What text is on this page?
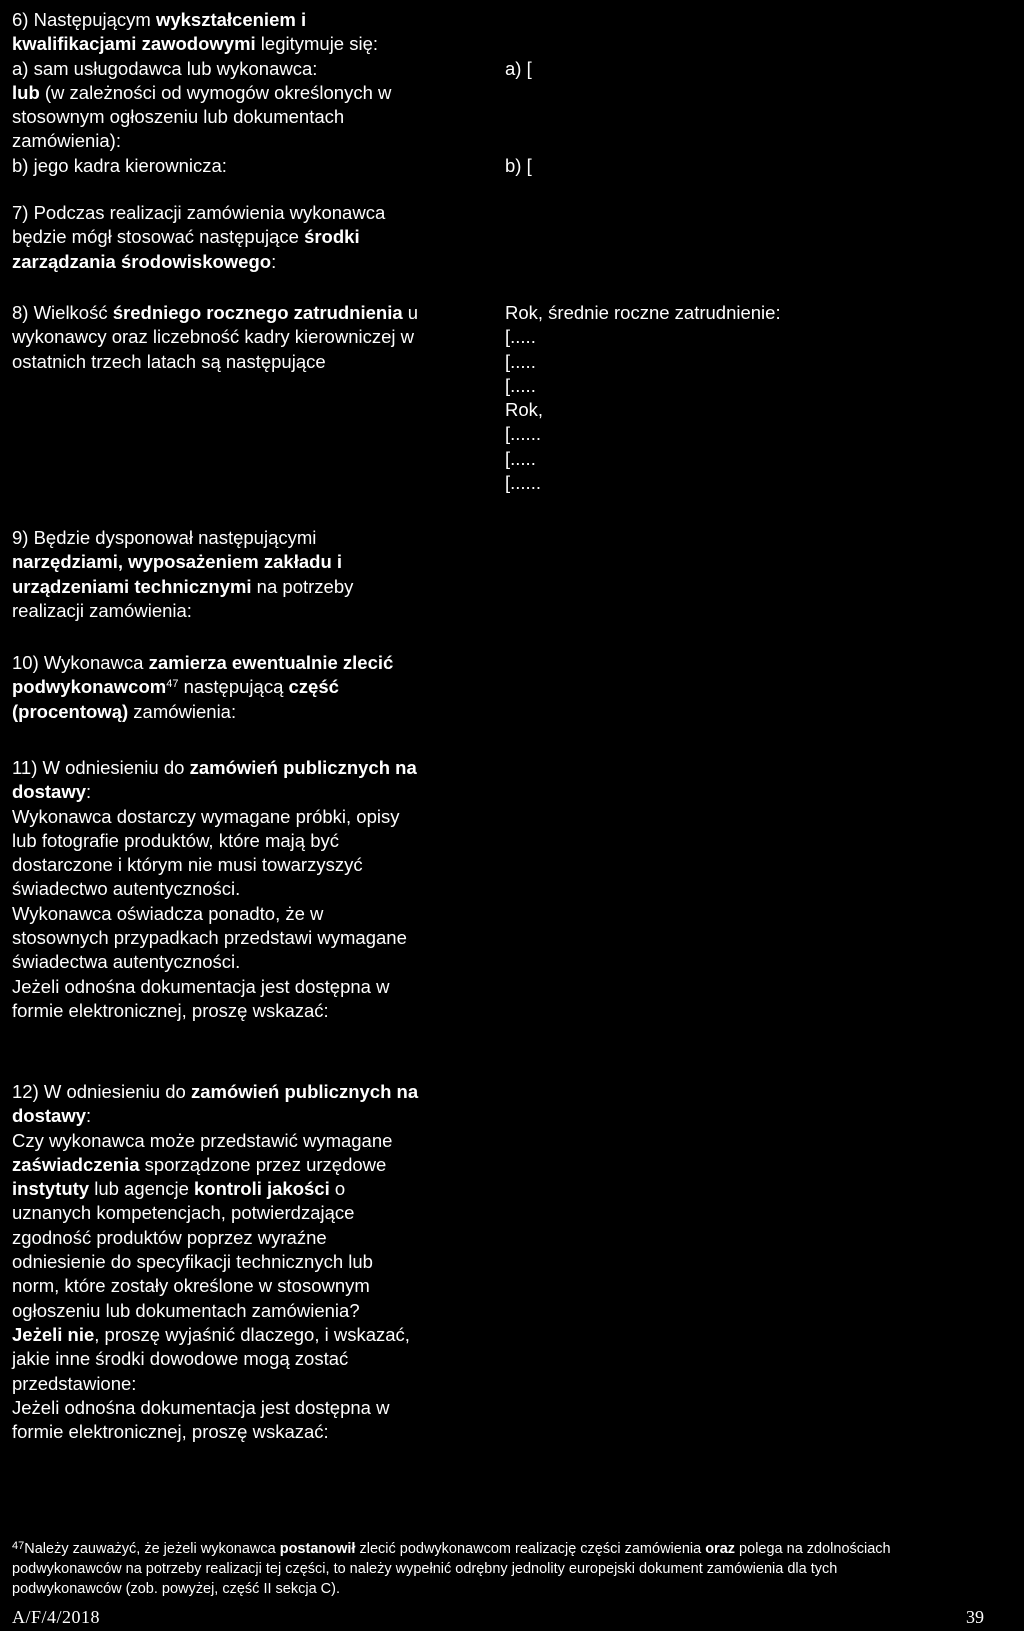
6) Następującym wykształceniem i
kwalifikacjami zawodowymi legitymuje się:
a) sam usługodawca lub wykonawca:
lub (w zależności od wymogów określonych w
stosownym ogłoszeniu lub dokumentach
zamówienia):
b) jego kadra kierownicza:
a) [
b) [
7) Podczas realizacji zamówienia wykonawca
będzie mógł stosować następujące środki
zarządzania środowiskowego:
8) Wielkość średniego rocznego zatrudnienia u
wykonawcy oraz liczebność kadry kierowniczej w
ostatnich trzech latach są następujące
Rok, średnie roczne zatrudnienie:
[.....
[.....
[.....
Rok,
[......
[.....
[......
9) Będzie dysponował następującymi
narzędziami, wyposażeniem zakładu i
urządzeniami technicznymi na potrzeby
realizacji zamówienia:
10) Wykonawca zamierza ewentualnie zlecić
podwykonawcom$^{47}$ następującą część
(procentową) zamówienia:
11) W odniesieniu do zamówień publicznych na
dostawy:
Wykonawca dostarczy wymagane próbki, opisy
lub fotografie produktów, które mają być
dostarczone i którym nie musi towarzyszyć
świadectwo autentyczności.
Wykonawca oświadcza ponadto, że w
stosownych przypadkach przedstawi wymagane
świadectwa autentyczności.
Jeżeli odnośna dokumentacja jest dostępna w
formie elektronicznej, proszę wskazać:
12) W odniesieniu do zamówień publicznych na
dostawy:
Czy wykonawca może przedstawić wymagane
zaświadczenia sporządzone przez urzędowe
instytuty lub agencje kontroli jakości o
uznanych kompetencjach, potwierdzające
zgodność produktów poprzez wyraźne
odniesienie do specyfikacji technicznych lub
norm, które zostały określone w stosownym
ogłoszeniu lub dokumentach zamówienia?
Jeżeli nie, proszę wyjaśnić dlaczego, i wskazać,
jakie inne środki dowodowe mogą zostać
przedstawione:
Jeżeli odnośna dokumentacja jest dostępna w
formie elektronicznej, proszę wskazać:
$^{47}$Należy zauważyć, że jeżeli wykonawca postanowił zlecić podwykonawcom realizację części zamówienia oraz polega na zdolnościach
podwykonawców na potrzeby realizacji tej części, to należy wypełnić odrębny jednolity europejski dokument zamówienia dla tych
podwykonawców (zob. powyżej, część II sekcja C).
A/F/4/2018	39
